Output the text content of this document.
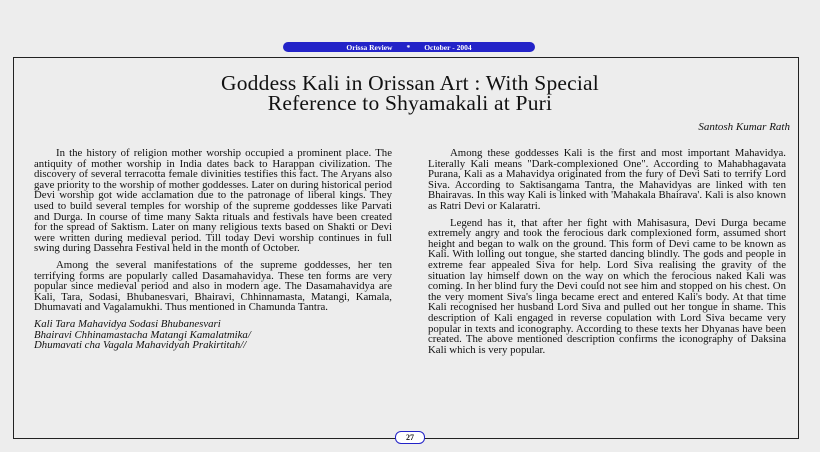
Orissa Review * October - 2004
Goddess Kali in Orissan Art : With Special
Reference to Shyamakali at Puri
Santosh Kumar Rath

In the history of religion mother worship occupied a prominent place. The antiquity of mother worship in India dates back to Harappan civilization. The discovery of several terracotta female divinities testifies this fact. The Aryans also gave priority to the worship of mother goddesses. Later on during historical period Devi worship got wide acclamation due to the patronage of liberal kings. They used to build several temples for worship of the supreme goddesses like Parvati and Durga. In course of time many Sakta rituals and festivals have been created for the spread of Saktism. Later on many religious texts based on Shakti or Devi were written during medieval period. Till today Devi worship continues in full swing during Dassehra Festival held in the month of October.

Among the several manifestations of the supreme goddesses, her ten terrifying forms are popularly called Dasamahavidya. These ten forms are very popular since medieval period and also in modern age. The Dasamahavidya are Kali, Tara, Sodasi, Bhubanesvari, Bhairavi, Chhinnamasta, Matangi, Kamala, Dhumavati and Vagalamukhi. Thus mentioned in Chamunda Tantra.

Kali Tara Mahavidya Sodasi Bhubanesvari
Bhairavi Chhinamastacha Matangi Kamalatmika/
Dhumavati cha Vagala Mahavidyah Prakirtitah//

Among these goddesses Kali is the first and most important Mahavidya. Literally Kali means "Dark-complexioned One". According to Mahabhagavata Purana, Kali as a Mahavidya originated from the fury of Devi Sati to terrify Lord Siva. According to Saktisangama Tantra, the Mahavidyas are linked with ten Bhairavas. In this way Kali is linked with 'Mahakala Bhairava'. Kali is also known as Ratri Devi or Kalaratri.

Legend has it, that after her fight with Mahisasura, Devi Durga became extremely angry and took the ferocious dark complexioned form, assumed short height and began to walk on the ground. This form of Devi came to be known as Kali. With lolling out tongue, she started dancing blindly. The gods and people in extreme fear appealed Siva for help. Lord Siva realising the gravity of the situation lay himself down on the way on which the ferocious naked Kali was coming. In her blind fury the Devi could not see him and stopped on his chest. On the very moment Siva's linga became erect and entered Kali's body. At that time Kali recognised her husband Lord Siva and pulled out her tongue in shame. This description of Kali engaged in reverse copulation with Lord Siva became very popular in texts and iconography. According to these texts her Dhyanas have been created. The above mentioned description confirms the iconography of Daksina Kali which is very popular.

27
